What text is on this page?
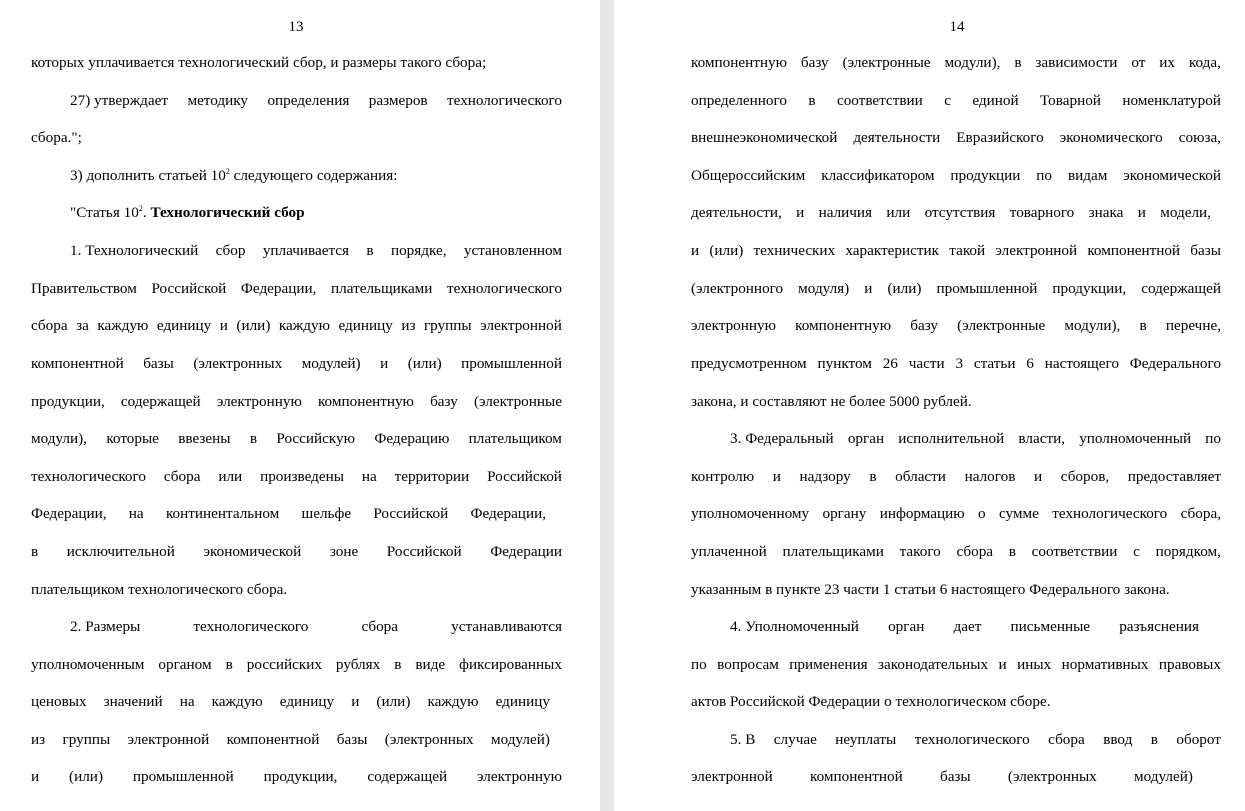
13
которых уплачивается технологический сбор, и размеры такого сбора;
27) утверждает методику определения размеров технологического
сбора.";
3) дополнить статьей $10^2$ следующего содержания:
"Статья $10^2$. Технологический сбор
1. Технологический сбор уплачивается в порядке, установленном
Правительством Российской Федерации, плательщиками технологического
сбора за каждую единицу и (или) каждую единицу из группы электронной
компонентной базы (электронных модулей) и (или) промышленной
продукции, содержащей электронную компонентную базу (электронные
модули), которые ввезены в Российскую Федерацию плательщиком
технологического сбора или произведены на территории Российской
Федерации, на континентальном шельфе Российской Федерации,
в исключительной экономической зоне Российской Федерации
плательщиком технологического сбора.
2. Размеры	технологического	сбора	устанавливаются
уполномоченным органом в российских рублях в виде фиксированных
ценовых значений на каждую единицу и (или) каждую единицу
из группы электронной компонентной базы (электронных модулей)
и (или) промышленной продукции, содержащей электронную
14
компонентную базу (электронные модули), в зависимости от их кода,
определенного в соответствии с единой Товарной номенклатурой
внешнеэкономической деятельности Евразийского экономического союза,
Общероссийским классификатором продукции по видам экономической
деятельности, и наличия или отсутствия товарного знака и модели,
и (или) технических характеристик такой электронной компонентной базы
(электронного модуля) и (или) промышленной продукции, содержащей
электронную компонентную базу (электронные модули), в перечне,
предусмотренном пунктом 26 части 3 статьи 6 настоящего Федерального
закона, и составляют не более 5000 рублей.
3. Федеральный орган исполнительной власти, уполномоченный по
контролю и надзору в области налогов и сборов, предоставляет
уполномоченному органу информацию о сумме технологического сбора,
уплаченной плательщиками такого сбора в соответствии с порядком,
указанным в пункте 23 части 1 статьи 6 настоящего Федерального закона.
4. Уполномоченный орган дает письменные разъяснения
по вопросам применения законодательных и иных нормативных правовых
актов Российской Федерации о технологическом сборе.
5. В случае неуплаты технологического сбора ввод в оборот
электронной компонентной базы (электронных модулей)
